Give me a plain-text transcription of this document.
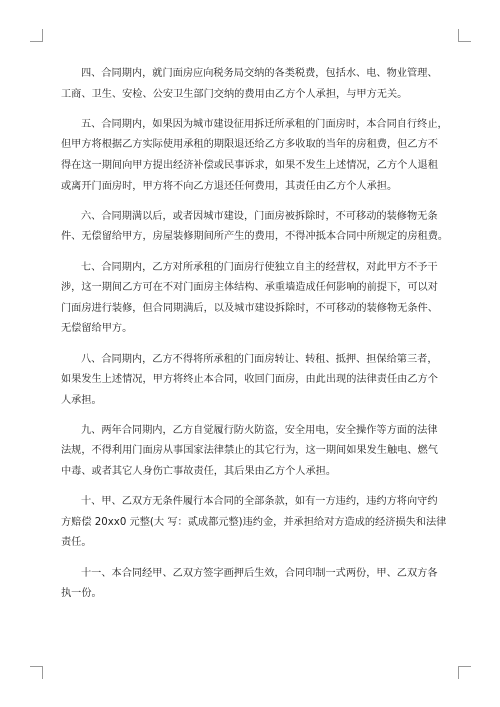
四、合同期内，就门面房应向税务局交纳的各类税费，包括水、电、物业管理、
工商、卫生、安检、公安卫生部门交纳的费用由乙方个人承担，与甲方无关。

五、合同期内，如果因为城市建设征用拆迁所承租的门面房时，本合同自行终止，
但甲方将根据乙方实际使用承租的期限退还给乙方多收取的当年的房租费，但乙方不
得在这一期间向甲方提出经济补偿或民事诉求，如果不发生上述情况，乙方个人退租
或离开门面房时，甲方将不向乙方退还任何费用，其责任由乙方个人承担。

六、合同期满以后，或者因城市建设，门面房被拆除时，不可移动的装修物无条
件、无偿留给甲方，房屋装修期间所产生的费用，不得冲抵本合同中所规定的房租费。

七、合同期内，乙方对所承租的门面房行使独立自主的经营权，对此甲方不予干
涉，这一期间乙方可在不对门面房主体结构、承重墙造成任何影响的前提下，可以对
门面房进行装修，但合同期满后，以及城市建设拆除时，不可移动的装修物无条件、
无偿留给甲方。

八、合同期内，乙方不得将所承租的门面房转让、转租、抵押、担保给第三者，
如果发生上述情况，甲方将终止本合同，收回门面房，由此出现的法律责任由乙方个
人承担。

九、两年合同期内，乙方自觉履行防火防盗，安全用电，安全操作等方面的法律
法规，不得利用门面房从事国家法律禁止的其它行为，这一期间如果发生触电、燃气
中毒、或者其它人身伤亡事故责任，其后果由乙方个人承担。

十、甲、乙双方无条件履行本合同的全部条款，如有一方违约，违约方将向守约
方赔偿 20xx0 元整(大 写：贰成都元整)违约金，并承担给对方造成的经济损失和法律
责任。

十一、本合同经甲、乙双方签字画押后生效，合同印制一式两份，甲、乙双方各
执一份。
